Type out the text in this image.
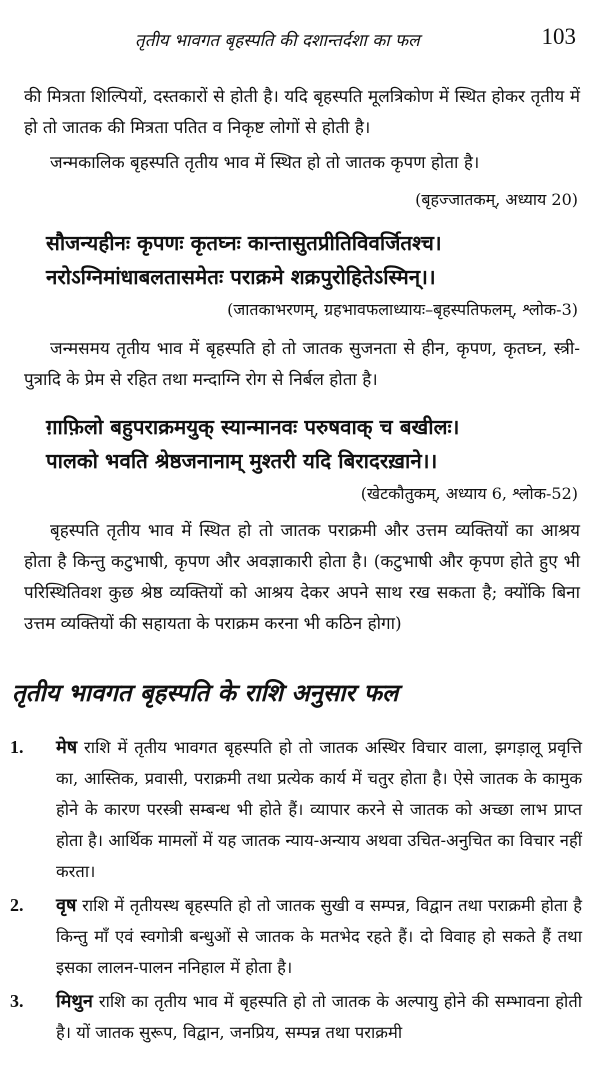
तृतीय भावगत बृहस्पति की दशान्तर्दशा का फल	103

की मित्रता शिल्पियों, दस्तकारों से होती है। यदि बृहस्पति मूलत्रिकोण में स्थित होकर तृतीय में हो तो जातक की मित्रता पतित व निकृष्ट लोगों से होती है।

जन्मकालिक बृहस्पति तृतीय भाव में स्थित हो तो जातक कृपण होता है।

(बृहज्जातकम्, अध्याय 20)

सौजन्यहीनः कृपणः कृतघ्नः कान्तासुतप्रीतिविवर्जितश्च।
नरोऽग्निमांधाबलतासमेतः पराक्रमे शक्रपुरोहितेऽस्मिन्।।

(जातकाभरणम्, ग्रहभावफलाध्यायः–बृहस्पतिफलम्, श्लोक-3)

जन्मसमय तृतीय भाव में बृहस्पति हो तो जातक सुजनता से हीन, कृपण, कृतघ्न, स्त्री-पुत्रादि के प्रेम से रहित तथा मन्दाग्नि रोग से निर्बल होता है।

ग़ाफ़िलो बहुपराक्रमयुक् स्यान्मानवः परुषवाक् च बखीलः।
पालको भवति श्रेष्ठजनानाम् मुश्तरी यदि बिरादरख़ाने।।

(खेटकौतुकम्, अध्याय 6, श्लोक-52)

बृहस्पति तृतीय भाव में स्थित हो तो जातक पराक्रमी और उत्तम व्यक्तियों का आश्रय होता है किन्तु कटुभाषी, कृपण और अवज्ञाकारी होता है। (कटुभाषी और कृपण होते हुए भी परिस्थितिवश कुछ श्रेष्ठ व्यक्तियों को आश्रय देकर अपने साथ रख सकता है; क्योंकि बिना उत्तम व्यक्तियों की सहायता के पराक्रम करना भी कठिन होगा)

तृतीय भावगत बृहस्पति के राशि अनुसार फल
1. मेष राशि में तृतीय भावगत बृहस्पति हो तो जातक अस्थिर विचार वाला, झगड़ालू प्रवृत्ति का, आस्तिक, प्रवासी, पराक्रमी तथा प्रत्येक कार्य में चतुर होता है। ऐसे जातक के कामुक होने के कारण परस्त्री सम्बन्ध भी होते हैं। व्यापार करने से जातक को अच्छा लाभ प्राप्त होता है। आर्थिक मामलों में यह जातक न्याय-अन्याय अथवा उचित-अनुचित का विचार नहीं करता।

2. वृष राशि में तृतीयस्थ बृहस्पति हो तो जातक सुखी व सम्पन्न, विद्वान तथा पराक्रमी होता है किन्तु माँ एवं स्वगोत्री बन्धुओं से जातक के मतभेद रहते हैं। दो विवाह हो सकते हैं तथा इसका लालन-पालन ननिहाल में होता है।

3. मिथुन राशि का तृतीय भाव में बृहस्पति हो तो जातक के अल्पायु होने की सम्भावना होती है। यों जातक सुरूप, विद्वान, जनप्रिय, सम्पन्न तथा पराक्रमी
